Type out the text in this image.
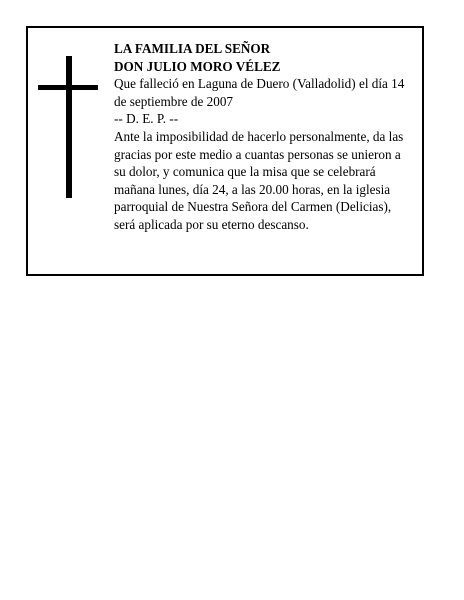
LA FAMILIA DEL SEÑOR

DON JULIO MORO VÉLEZ

Que falleció en Laguna de Duero (Valladolid) el día 14 de septiembre de 2007

-- D. E. P. --

Ante la imposibilidad de hacerlo personalmente, da las gracias por este medio a cuantas personas se unieron a su dolor, y comunica que la misa que se celebrará mañana lunes, día 24, a las 20.00 horas, en la iglesia parroquial de Nuestra Señora del Carmen (Delicias), será aplicada por su eterno descanso.
